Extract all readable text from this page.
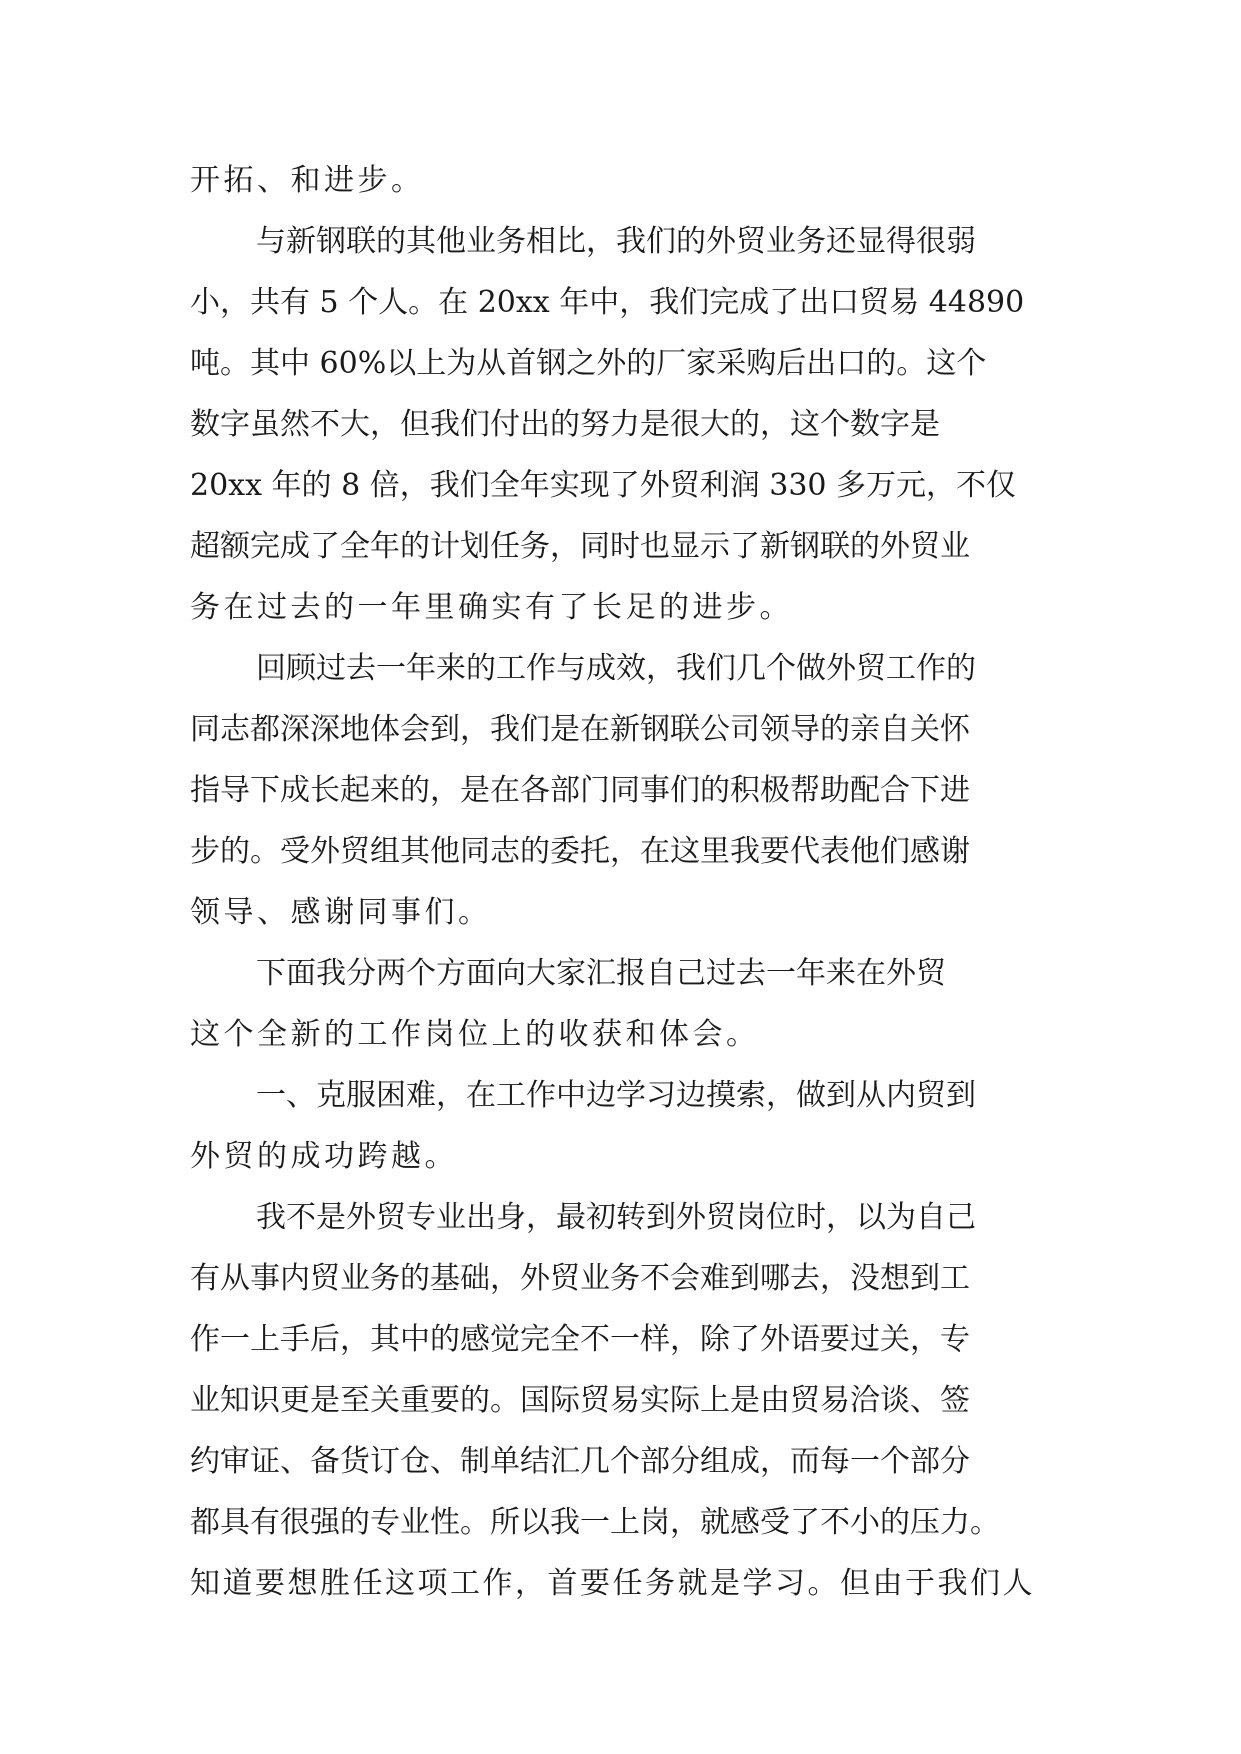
开拓、和进步。
与新钢联的其他业务相比，我们的外贸业务还显得很弱
小，共有 5 个人。在 20xx 年中，我们完成了出口贸易 44890
吨。其中 60%以上为从首钢之外的厂家采购后出口的。这个
数字虽然不大，但我们付出的努力是很大的，这个数字是
20xx 年的 8 倍，我们全年实现了外贸利润 330 多万元，不仅
超额完成了全年的计划任务，同时也显示了新钢联的外贸业
务在过去的一年里确实有了长足的进步。
回顾过去一年来的工作与成效，我们几个做外贸工作的
同志都深深地体会到，我们是在新钢联公司领导的亲自关怀
指导下成长起来的，是在各部门同事们的积极帮助配合下进
步的。受外贸组其他同志的委托，在这里我要代表他们感谢
领导、感谢同事们。
下面我分两个方面向大家汇报自己过去一年来在外贸
这个全新的工作岗位上的收获和体会。
一、克服困难，在工作中边学习边摸索，做到从内贸到
外贸的成功跨越。
我不是外贸专业出身，最初转到外贸岗位时，以为自己
有从事内贸业务的基础，外贸业务不会难到哪去，没想到工
作一上手后，其中的感觉完全不一样，除了外语要过关，专
业知识更是至关重要的。国际贸易实际上是由贸易洽谈、签
约审证、备货订仓、制单结汇几个部分组成，而每一个部分
都具有很强的专业性。所以我一上岗，就感受了不小的压力。
知道要想胜任这项工作，首要任务就是学习。但由于我们人
